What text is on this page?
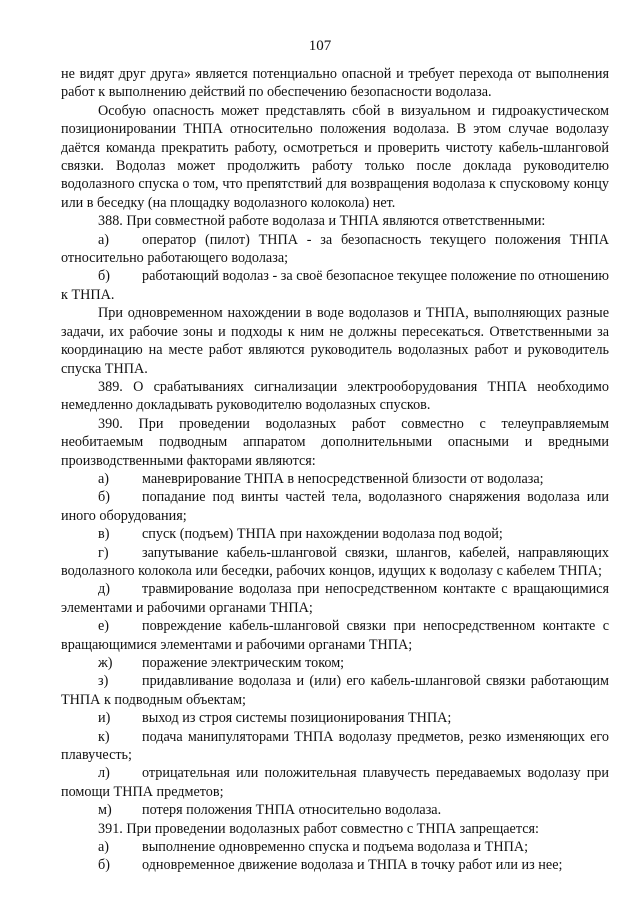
107

не видят друг друга» является потенциально опасной и требует перехода от выполнения работ к выполнению действий по обеспечению безопасности водолаза.

Особую опасность может представлять сбой в визуальном и гидроакустическом позиционировании ТНПА относительно положения водолаза. В этом случае водолазу даётся команда прекратить работу, осмотреться и проверить чистоту кабель-шланговой связки. Водолаз может продолжить работу только после доклада руководителю водолазного спуска о том, что препятствий для возвращения водолаза к спусковому концу или в беседку (на площадку водолазного колокола) нет.

388. При совместной работе водолаза и ТНПА являются ответственными:

а) оператор (пилот) ТНПА - за безопасность текущего положения ТНПА относительно работающего водолаза;

б) работающий водолаз - за своё безопасное текущее положение по отношению к ТНПА.

При одновременном нахождении в воде водолазов и ТНПА, выполняющих разные задачи, их рабочие зоны и подходы к ним не должны пересекаться. Ответственными за координацию на месте работ являются руководитель водолазных работ и руководитель спуска ТНПА.

389. О срабатываниях сигнализации электрооборудования ТНПА необходимо немедленно докладывать руководителю водолазных спусков.

390. При проведении водолазных работ совместно с телеуправляемым необитаемым подводным аппаратом дополнительными опасными и вредными производственными факторами являются:

а) маневрирование ТНПА в непосредственной близости от водолаза;

б) попадание под винты частей тела, водолазного снаряжения водолаза или иного оборудования;

в) спуск (подъем) ТНПА при нахождении водолаза под водой;

г) запутывание кабель-шланговой связки, шлангов, кабелей, направляющих водолазного колокола или беседки, рабочих концов, идущих к водолазу с кабелем ТНПА;

д) травмирование водолаза при непосредственном контакте с вращающимися элементами и рабочими органами ТНПА;

е) повреждение кабель-шланговой связки при непосредственном контакте с вращающимися элементами и рабочими органами ТНПА;

ж) поражение электрическим током;

з) придавливание водолаза и (или) его кабель-шланговой связки работающим ТНПА к подводным объектам;

и) выход из строя системы позиционирования ТНПА;

к) подача манипуляторами ТНПА водолазу предметов, резко изменяющих его плавучесть;

л) отрицательная или положительная плавучесть передаваемых водолазу при помощи ТНПА предметов;

м) потеря положения ТНПА относительно водолаза.

391. При проведении водолазных работ совместно с ТНПА запрещается:

а) выполнение одновременно спуска и подъема водолаза и ТНПА;

б) одновременное движение водолаза и ТНПА в точку работ или из нее;
